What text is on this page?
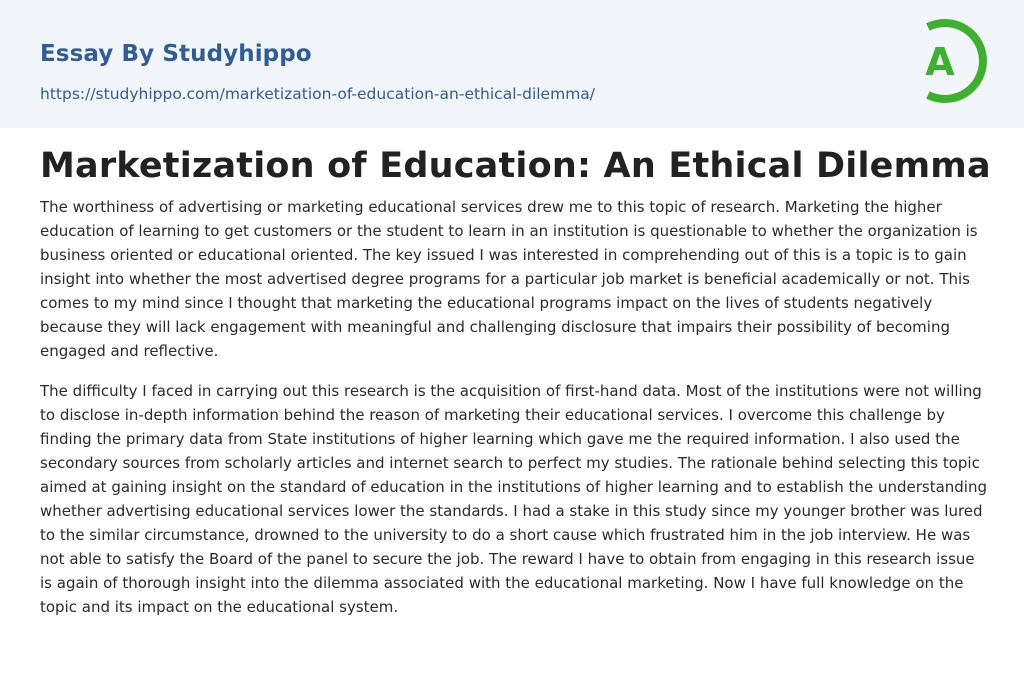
Essay By Studyhippo
https://studyhippo.com/marketization-of-education-an-ethical-dilemma/
A
Marketization of Education: An Ethical Dilemma

The worthiness of advertising or marketing educational services drew me to this topic of research. Marketing the higher education of learning to get customers or the student to learn in an institution is questionable to whether the organization is business oriented or educational oriented. The key issued I was interested in comprehending out of this is a topic is to gain insight into whether the most advertised degree programs for a particular job market is beneficial academically or not. This comes to my mind since I thought that marketing the educational programs impact on the lives of students negatively because they will lack engagement with meaningful and challenging disclosure that impairs their possibility of becoming engaged and reflective.

The difficulty I faced in carrying out this research is the acquisition of first-hand data. Most of the institutions were not willing to disclose in-depth information behind the reason of marketing their educational services. I overcome this challenge by finding the primary data from State institutions of higher learning which gave me the required information. I also used the secondary sources from scholarly articles and internet search to perfect my studies. The rationale behind selecting this topic aimed at gaining insight on the standard of education in the institutions of higher learning and to establish the understanding whether advertising educational services lower the standards. I had a stake in this study since my younger brother was lured to the similar circumstance, drowned to the university to do a short cause which frustrated him in the job interview. He was not able to satisfy the Board of the panel to secure the job. The reward I have to obtain from engaging in this research issue is again of thorough insight into the dilemma associated with the educational marketing. Now I have full knowledge on the topic and its impact on the educational system.
